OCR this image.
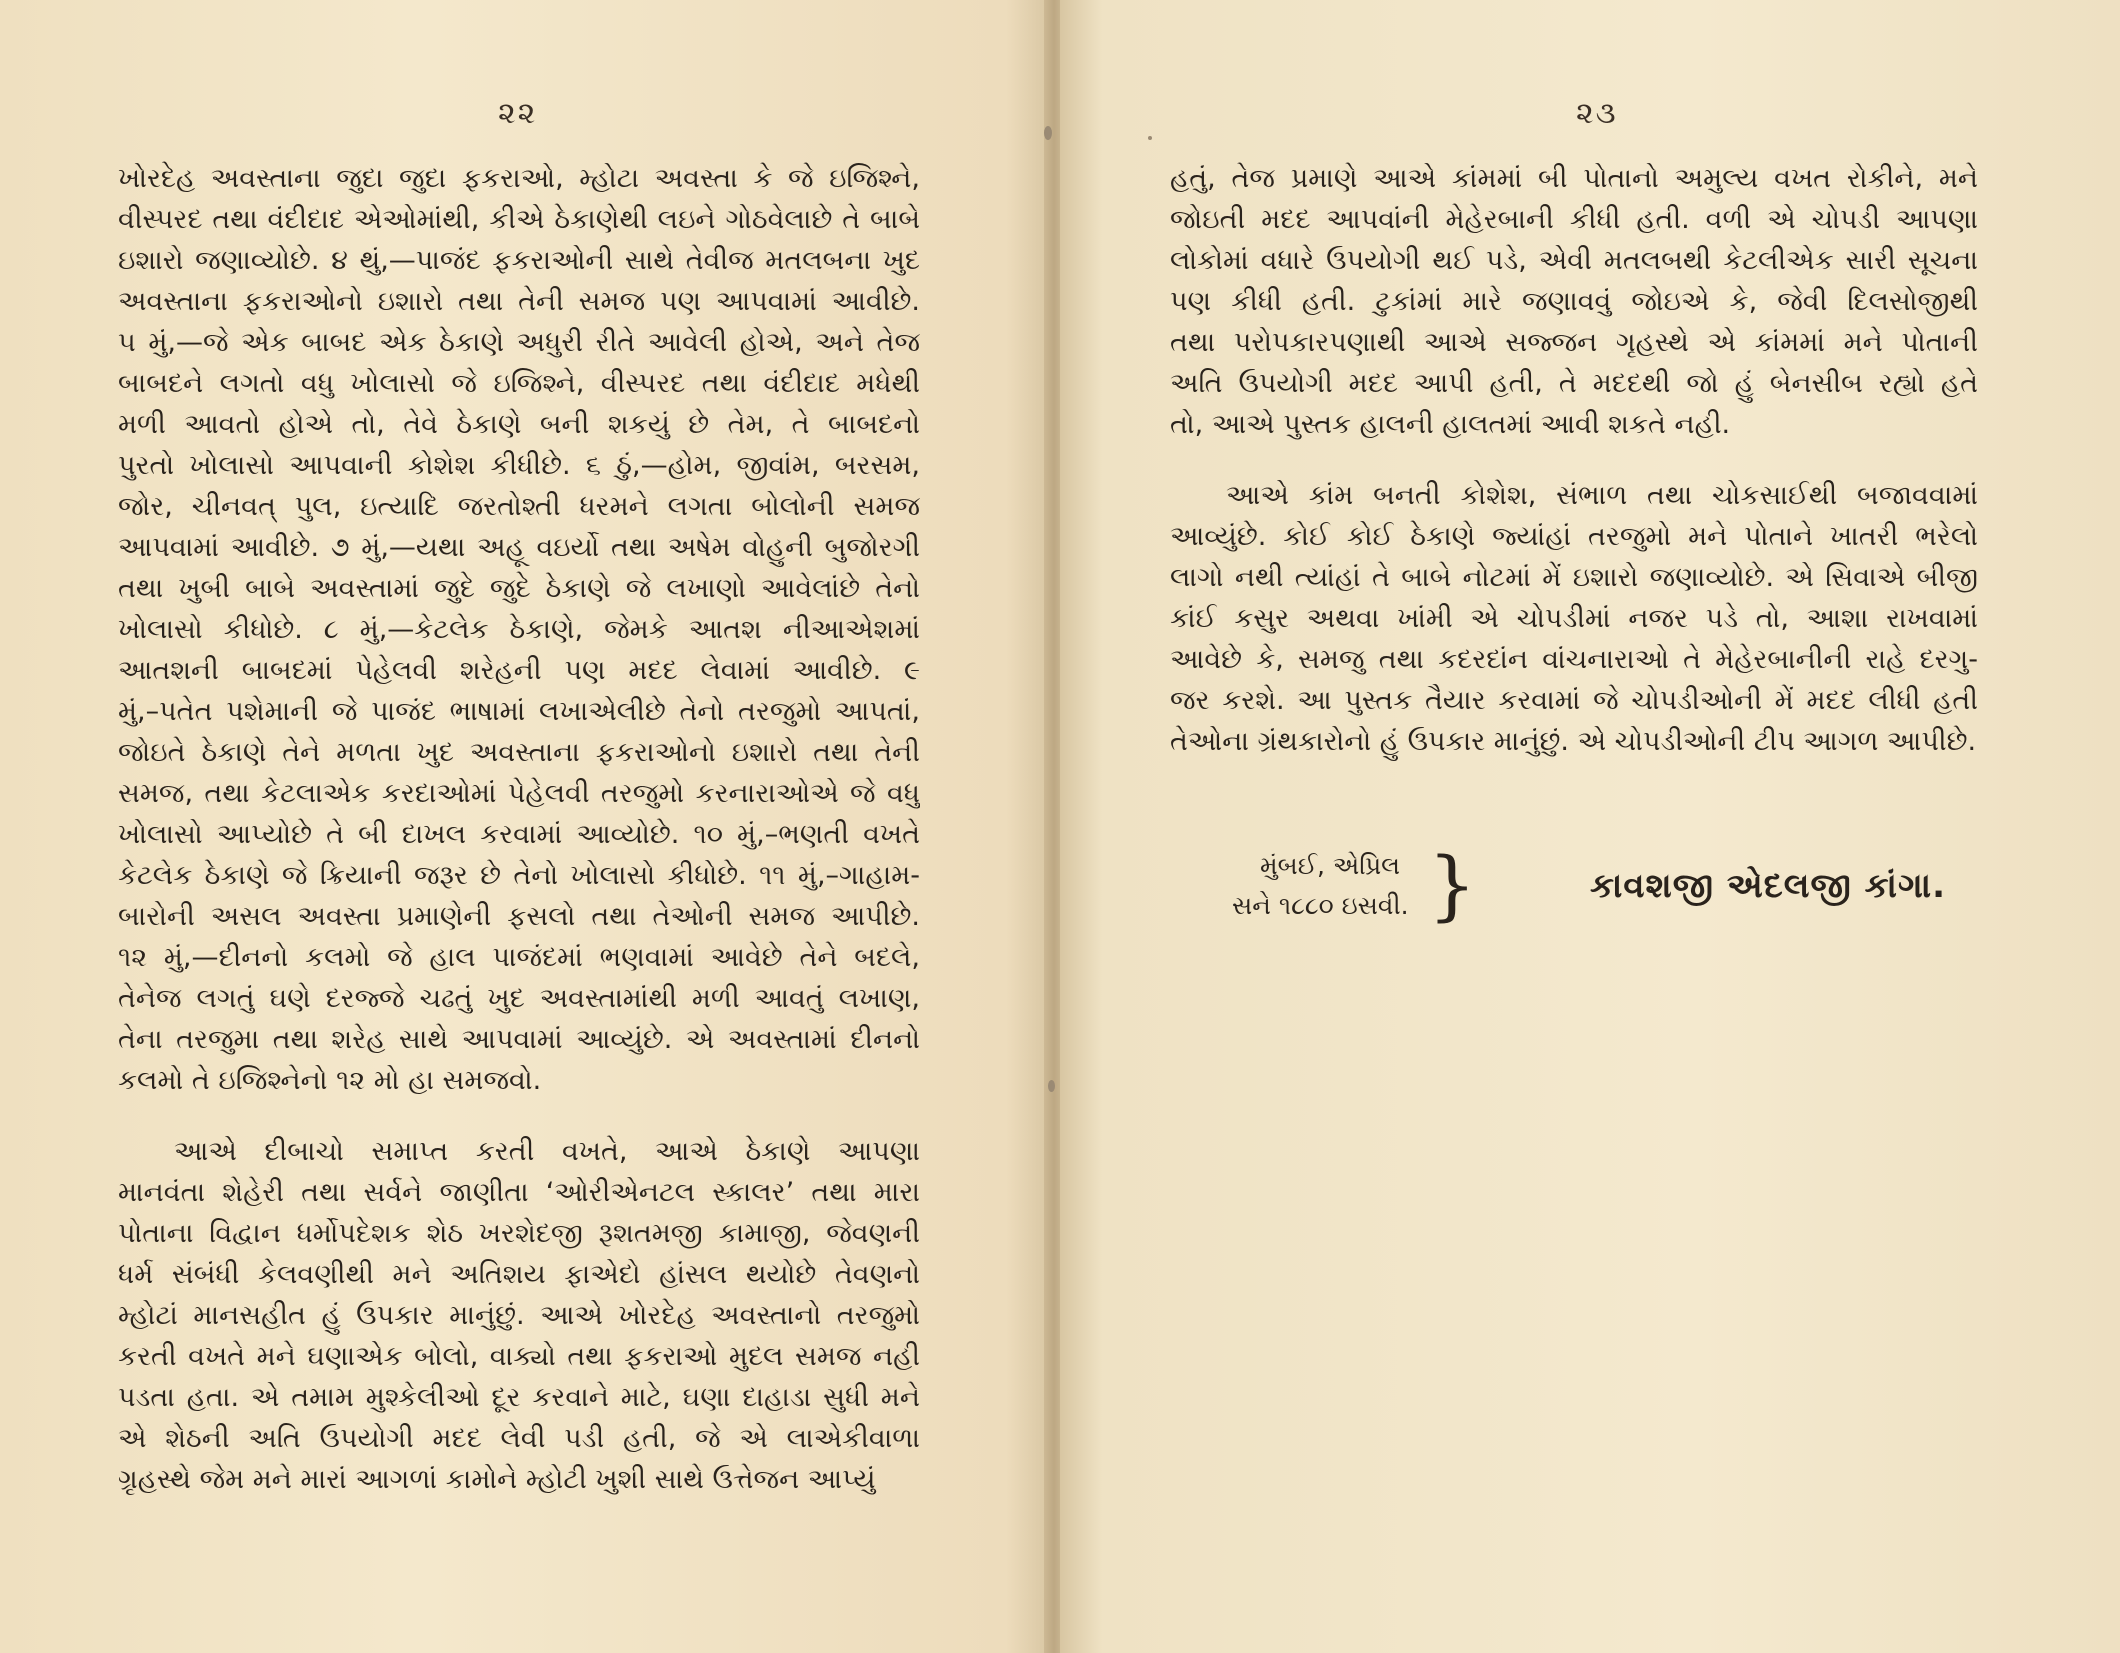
૨૨
ખોરદેહ અવસ્તાના જુદા જુદા ફકરાઓ, મ્હોટા અવસ્તા કે જે ઇજિશ્ને,
વીસ્પરદ તથા વંદીદાદ એઓમાંથી, કીએ ઠેકાણેથી લઇને ગોઠવેલાછે તે બાબે
ઇશારો જણાવ્યોછે. ૪ થું,—પાજંદ ફકરાઓની સાથે તેવીજ મતલબના ખુદ
અવસ્તાના ફકરાઓનો ઇશારો તથા તેની સમજ પણ આપવામાં આવીછે.
૫ મું,—જે એક બાબદ એક ઠેકાણે અધુરી રીતે આવેલી હોએ, અને તેજ
બાબદને લગતો વધુ ખોલાસો જે ઇજિશ્ને, વીસ્પરદ તથા વંદીદાદ મધેથી
મળી આવતો હોએ તો, તેવે ઠેકાણે બની શકયું છે તેમ, તે બાબદનો
પુરતો ખોલાસો આપવાની કોશેશ કીધીછે. ૬ ઠું,—હોમ, જીવાંમ, બરસમ,
જોર, ચીનવત્ પુલ, ઇત્યાદિ જરતોશ્તી ધરમને લગતા બોલોની સમજ
આપવામાં આવીછે. ૭ મું,—યથા અહૂ વઇર્યો તથા અષેમ વોહુની બુજોરગી
તથા ખુબી બાબે અવસ્તામાં જુદે જુદે ઠેકાણે જે લખાણો આવેલાંછે તેનો
ખોલાસો કીધોછે. ૮ મું,—કેટલેક ઠેકાણે, જેમકે આતશ નીઆએશમાં
આતશની બાબદમાં પેહેલવી શરેહની પણ મદદ લેવામાં આવીછે. ૯
મું,–પતેત પશેમાની જે પાજંદ ભાષામાં લખાએલીછે તેનો તરજુમો આપતાં,
જોઇતે ઠેકાણે તેને મળતા ખુદ અવસ્તાના ફકરાઓનો ઇશારો તથા તેની
સમજ, તથા કેટલાએક કરદાઓમાં પેહેલવી તરજુમો કરનારાઓએ જે વધુ
ખોલાસો આપ્યોછે તે બી દાખલ કરવામાં આવ્યોછે. ૧૦ મું,–ભણતી વખતે
કેટલેક ઠેકાણે જે ક્રિયાની જરૂર છે તેનો ખોલાસો કીધોછે. ૧૧ મું,–ગાહામ-
બારોની અસલ અવસ્તા પ્રમાણેની ફસલો તથા તેઓની સમજ આપીછે.
૧૨ મું,—દીનનો કલમો જે હાલ પાજંદમાં ભણવામાં આવેછે તેને બદલે,
તેનેજ લગતું ઘણે દરજ્જે ચઢતું ખુદ અવસ્તામાંથી મળી આવતું લખાણ,
તેના તરજુમા તથા શરેહ સાથે આપવામાં આવ્યુંછે. એ અવસ્તામાં દીનનો
કલમો તે ઇજિશ્નેનો ૧૨ મો હા સમજવો.
આએ દીબાચો સમાપ્ત કરતી વખતે, આએ ઠેકાણે આપણા
માનવંતા શેહેરી તથા સર્વને જાણીતા ‘ઓરીએનટલ સ્કાલર’ તથા મારા
પોતાના વિદ્વાન ધર્મોપદેશક શેઠ ખરશેદજી રૂશતમજી કામાજી, જેવણની
ધર્મ સંબંધી કેલવણીથી મને અતિશય ફાએદો હાંસલ થયોછે તેવણનો
મ્હોટાં માનસહીત હું ઉપકાર માનુંછું. આએ ખોરદેહ અવસ્તાનો તરજુમો
કરતી વખતે મને ઘણાએક બોલો, વાક્યો તથા ફકરાઓ મુદલ સમજ નહી
પડતા હતા. એ તમામ મુશ્કેલીઓ દૂર કરવાને માટે, ઘણા દાહાડા સુધી મને
એ શેઠની અતિ ઉપયોગી મદદ લેવી પડી હતી, જે એ લાએકીવાળા
ગ્રૃહસ્થે જેમ મને મારાં આગળાં કામોને મ્હોટી ખુશી સાથે ઉત્તેજન આપ્યું
૨૩
હતું, તેજ પ્રમાણે આએ કાંમમાં બી પોતાનો અમુલ્ય વખત રોકીને, મને
જોઇતી મદદ આપવાંની મેહેરબાની કીધી હતી. વળી એ ચોપડી આપણા
લોકોમાં વધારે ઉપયોગી થઈ પડે, એવી મતલબથી કેટલીએક સારી સૂચના
પણ કીધી હતી. ટુકાંમાં મારે જણાવવું જોઇએ કે, જેવી દિલસોજીથી
તથા પરોપકારપણાથી આએ સજ્જન ગૃહસ્થે એ કાંમમાં મને પોતાની
અતિ ઉપયોગી મદદ આપી હતી, તે મદદથી જો હું બેનસીબ રહ્યો હતે
તો, આએ પુસ્તક હાલની હાલતમાં આવી શકતે નહી.
આએ કાંમ બનતી કોશેશ, સંભાળ તથા ચોકસાઈથી બજાવવામાં
આવ્યુંછે. કોઈ કોઈ ઠેકાણે જ્યાંહાં તરજુમો મને પોતાને ખાતરી ભરેલો
લાગો નથી ત્યાંહાં તે બાબે નોટમાં મેં ઇશારો જણાવ્યોછે. એ સિવાએ બીજી
કાંઈ કસુર અથવા ખાંમી એ ચોપડીમાં નજર પડે તો, આશા રાખવામાં
આવેછે કે, સમજુ તથા કદરદાંન વાંચનારાઓ તે મેહેરબાનીની રાહે દરગુ-
જર કરશે. આ પુસ્તક તૈયાર કરવામાં જે ચોપડીઓની મેં મદદ લીધી હતી
તેઓના ગ્રંથકારોનો હું ઉપકાર માનુંછું. એ ચોપડીઓની ટીપ આગળ આપીછે.
મુંબઈ, એપ્રિલ
સને ૧૮૮૦ ઇસવી. }	કાવશજી એદલજી કાંગા.
